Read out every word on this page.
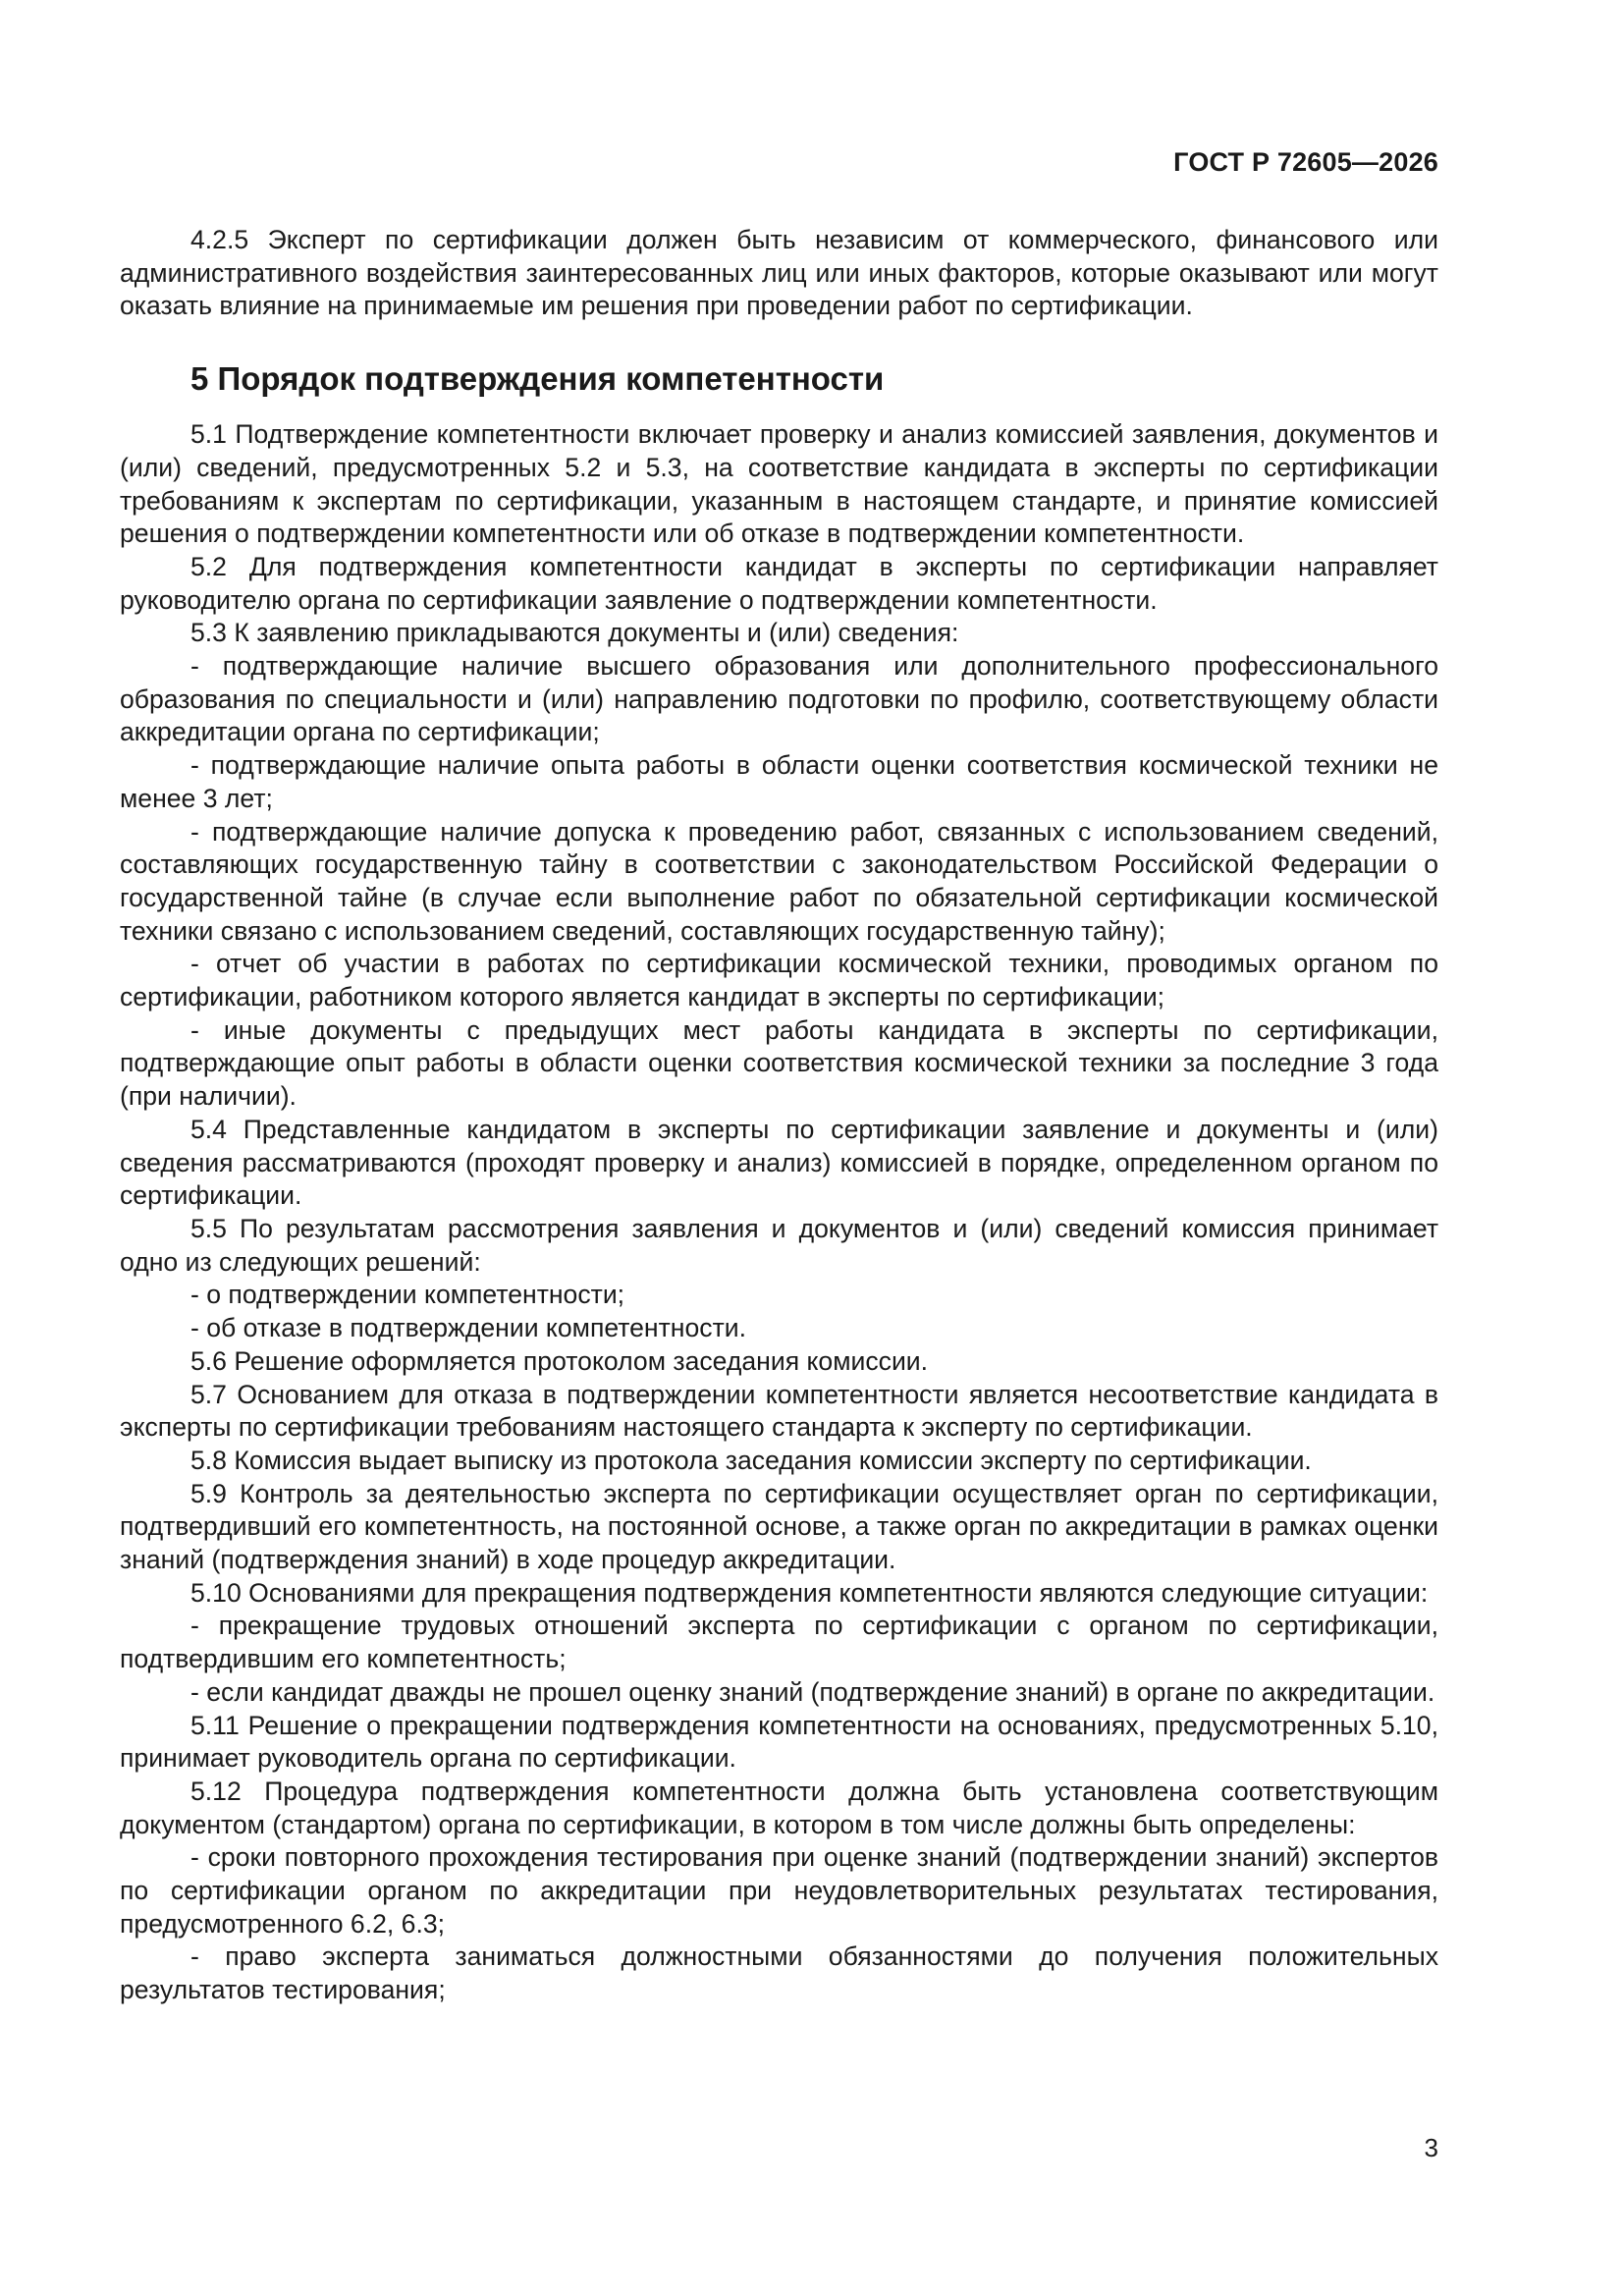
ГОСТ Р 72605—2026

4.2.5 Эксперт по сертификации должен быть независим от коммерческого, финансового или административного воздействия заинтересованных лиц или иных факторов, которые оказывают или могут оказать влияние на принимаемые им решения при проведении работ по сертификации.

5 Порядок подтверждения компетентности

5.1 Подтверждение компетентности включает проверку и анализ комиссией заявления, документов и (или) сведений, предусмотренных 5.2 и 5.3, на соответствие кандидата в эксперты по сертификации требованиям к экспертам по сертификации, указанным в настоящем стандарте, и принятие комиссией решения о подтверждении компетентности или об отказе в подтверждении компетентности.

5.2 Для подтверждения компетентности кандидат в эксперты по сертификации направляет руководителю органа по сертификации заявление о подтверждении компетентности.

5.3 К заявлению прикладываются документы и (или) сведения:

- подтверждающие наличие высшего образования или дополнительного профессионального образования по специальности и (или) направлению подготовки по профилю, соответствующему области аккредитации органа по сертификации;

- подтверждающие наличие опыта работы в области оценки соответствия космической техники не менее 3 лет;

- подтверждающие наличие допуска к проведению работ, связанных с использованием сведений, составляющих государственную тайну в соответствии с законодательством Российской Федерации о государственной тайне (в случае если выполнение работ по обязательной сертификации космической техники связано с использованием сведений, составляющих государственную тайну);

- отчет об участии в работах по сертификации космической техники, проводимых органом по сертификации, работником которого является кандидат в эксперты по сертификации;

- иные документы с предыдущих мест работы кандидата в эксперты по сертификации, подтверждающие опыт работы в области оценки соответствия космической техники за последние 3 года (при наличии).

5.4 Представленные кандидатом в эксперты по сертификации заявление и документы и (или) сведения рассматриваются (проходят проверку и анализ) комиссией в порядке, определенном органом по сертификации.

5.5 По результатам рассмотрения заявления и документов и (или) сведений комиссия принимает одно из следующих решений:

- о подтверждении компетентности;

- об отказе в подтверждении компетентности.

5.6 Решение оформляется протоколом заседания комиссии.

5.7 Основанием для отказа в подтверждении компетентности является несоответствие кандидата в эксперты по сертификации требованиям настоящего стандарта к эксперту по сертификации.

5.8 Комиссия выдает выписку из протокола заседания комиссии эксперту по сертификации.

5.9 Контроль за деятельностью эксперта по сертификации осуществляет орган по сертификации, подтвердивший его компетентность, на постоянной основе, а также орган по аккредитации в рамках оценки знаний (подтверждения знаний) в ходе процедур аккредитации.

5.10 Основаниями для прекращения подтверждения компетентности являются следующие ситуации:

- прекращение трудовых отношений эксперта по сертификации с органом по сертификации, подтвердившим его компетентность;

- если кандидат дважды не прошел оценку знаний (подтверждение знаний) в органе по аккредитации.

5.11 Решение о прекращении подтверждения компетентности на основаниях, предусмотренных 5.10, принимает руководитель органа по сертификации.

5.12 Процедура подтверждения компетентности должна быть установлена соответствующим документом (стандартом) органа по сертификации, в котором в том числе должны быть определены:

- сроки повторного прохождения тестирования при оценке знаний (подтверждении знаний) экспертов по сертификации органом по аккредитации при неудовлетворительных результатах тестирования, предусмотренного 6.2, 6.3;

- право эксперта заниматься должностными обязанностями до получения положительных результатов тестирования;

3
